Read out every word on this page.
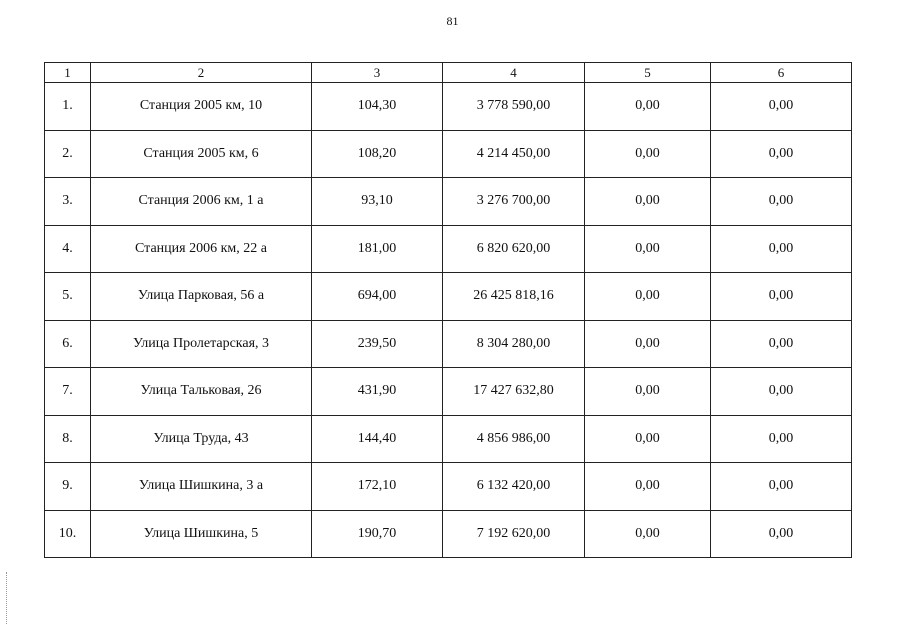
81
1	2	3	4	5	6
1.	Станция 2005 км, 10	104,30	3 778 590,00	0,00	0,00
2.	Станция 2005 км, 6	108,20	4 214 450,00	0,00	0,00
3.	Станция 2006 км, 1 а	93,10	3 276 700,00	0,00	0,00
4.	Станция 2006 км, 22 а	181,00	6 820 620,00	0,00	0,00
5.	Улица Парковая, 56 а	694,00	26 425 818,16	0,00	0,00
6.	Улица Пролетарская, 3	239,50	8 304 280,00	0,00	0,00
7.	Улица Тальковая, 26	431,90	17 427 632,80	0,00	0,00
8.	Улица Труда, 43	144,40	4 856 986,00	0,00	0,00
9.	Улица Шишкина, 3 а	172,10	6 132 420,00	0,00	0,00
10.	Улица Шишкина, 5	190,70	7 192 620,00	0,00	0,00
